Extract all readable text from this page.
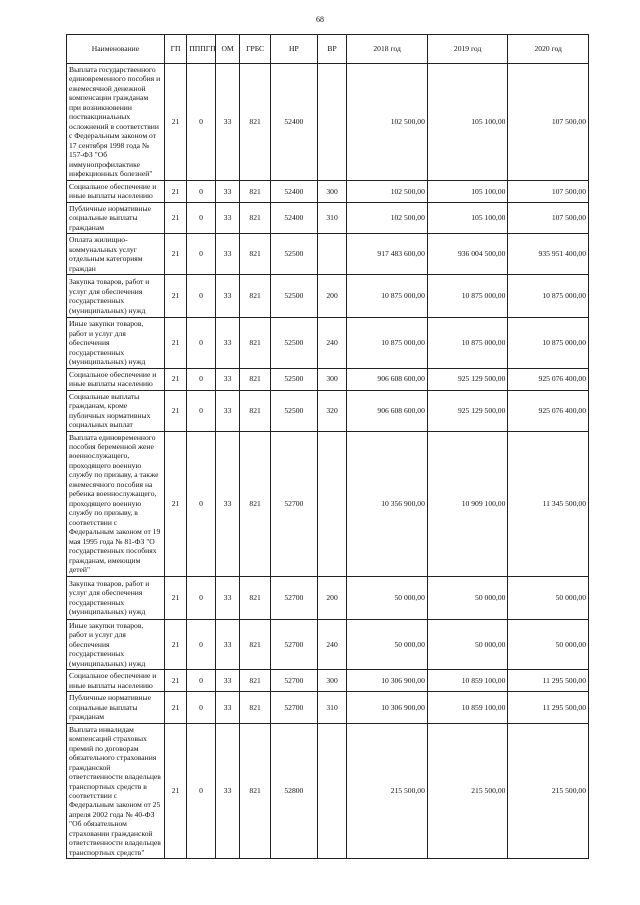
68
Наименование	ГП	ПППГП	ОМ	ГРБС	НР	ВР	2018 год	2019 год	2020 год
Выплата государственного единовременного пособия и ежемесячной денежной компенсации гражданам при возникновении поствакцинальных осложнений в соответствии с Федеральным законом от 17 сентября 1998 года № 157-ФЗ "Об иммунопрофилактике инфекционных болезней"	21	0	33	821	52400		102 500,00	105 100,00	107 500,00
Социальное обеспечение и иные выплаты населению	21	0	33	821	52400	300	102 500,00	105 100,00	107 500,00
Публичные нормативные социальные выплаты гражданам	21	0	33	821	52400	310	102 500,00	105 100,00	107 500,00
Оплата жилищно-коммунальных услуг отдельным категориям граждан	21	0	33	821	52500		917 483 600,00	936 004 500,00	935 951 400,00
Закупка товаров, работ и услуг для обеспечения государственных (муниципальных) нужд	21	0	33	821	52500	200	10 875 000,00	10 875 000,00	10 875 000,00
Иные закупки товаров, работ и услуг для обеспечения государственных (муниципальных) нужд	21	0	33	821	52500	240	10 875 000,00	10 875 000,00	10 875 000,00
Социальное обеспечение и иные выплаты населению	21	0	33	821	52500	300	906 608 600,00	925 129 500,00	925 076 400,00
Социальные выплаты гражданам, кроме публичных нормативных социальных выплат	21	0	33	821	52500	320	906 608 600,00	925 129 500,00	925 076 400,00
Выплата единовременного пособия беременной жене военнослужащего, проходящего военную службу по призыву, а также ежемесячного пособия на ребенка военнослужащего, проходящего военную службу по призыву, в соответствии с Федеральным законом от 19 мая 1995 года № 81-ФЗ "О государственных пособиях гражданам, имеющим детей"	21	0	33	821	52700		10 356 900,00	10 909 100,00	11 345 500,00
Закупка товаров, работ и услуг для обеспечения государственных (муниципальных) нужд	21	0	33	821	52700	200	50 000,00	50 000,00	50 000,00
Иные закупки товаров, работ и услуг для обеспечения государственных (муниципальных) нужд	21	0	33	821	52700	240	50 000,00	50 000,00	50 000,00
Социальное обеспечение и иные выплаты населению	21	0	33	821	52700	300	10 306 900,00	10 859 100,00	11 295 500,00
Публичные нормативные социальные выплаты гражданам	21	0	33	821	52700	310	10 306 900,00	10 859 100,00	11 295 500,00
Выплата инвалидам компенсаций страховых премий по договорам обязательного страхования гражданской ответственности владельцев транспортных средств в соответствии с Федеральным законом от 25 апреля 2002 года № 40-ФЗ "Об обязательном страховании гражданской ответственности владельцев транспортных средств"	21	0	33	821	52800		215 500,00	215 500,00	215 500,00
